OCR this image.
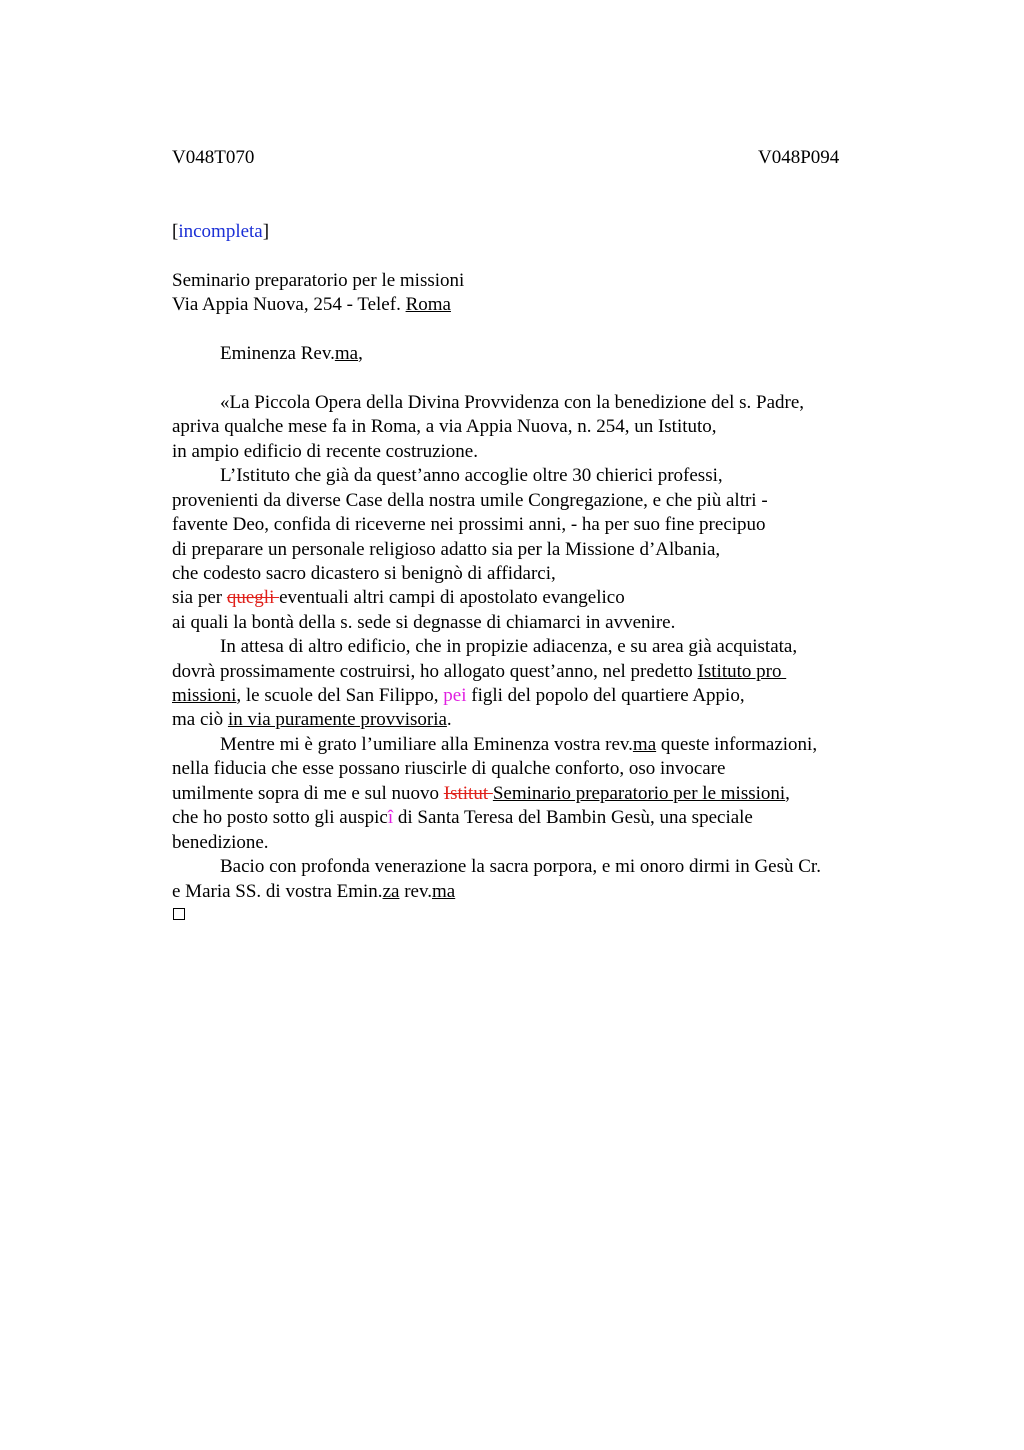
V048T070	V048P094
[incompleta]
Seminario preparatorio per le missioni
Via Appia Nuova, 254 - Telef. Roma
Eminenza Rev.ma,
«La Piccola Opera della Divina Provvidenza con la benedizione del s. Padre,
apriva qualche mese fa in Roma, a via Appia Nuova, n. 254, un Istituto,
in ampio edificio di recente costruzione.
L’Istituto che già da quest’anno accoglie oltre 30 chierici professi,
provenienti da diverse Case della nostra umile Congregazione, e che più altri -
favente Deo, confida di riceverne nei prossimi anni, - ha per suo fine precipuo
di preparare un personale religioso adatto sia per la Missione d’Albania,
che codesto sacro dicastero si benignò di affidarci,
sia per quegli eventuali altri campi di apostolato evangelico
ai quali la bontà della s. sede si degnasse di chiamarci in avvenire.
In attesa di altro edificio, che in propizie adiacenza, e su area già acquistata,
dovrà prossimamente costruirsi, ho allogato quest’anno, nel predetto Istituto pro
missioni, le scuole del San Filippo, pei figli del popolo del quartiere Appio,
ma ciò in via puramente provvisoria.
Mentre mi è grato l’umiliare alla Eminenza vostra rev.ma queste informazioni,
nella fiducia che esse possano riuscirle di qualche conforto, oso invocare
umilmente sopra di me e sul nuovo Istitut Seminario preparatorio per le missioni,
che ho posto sotto gli auspicî di Santa Teresa del Bambin Gesù, una speciale
benedizione.
Bacio con profonda venerazione la sacra porpora, e mi onoro dirmi in Gesù Cr.
e Maria SS. di vostra Emin.za rev.ma
